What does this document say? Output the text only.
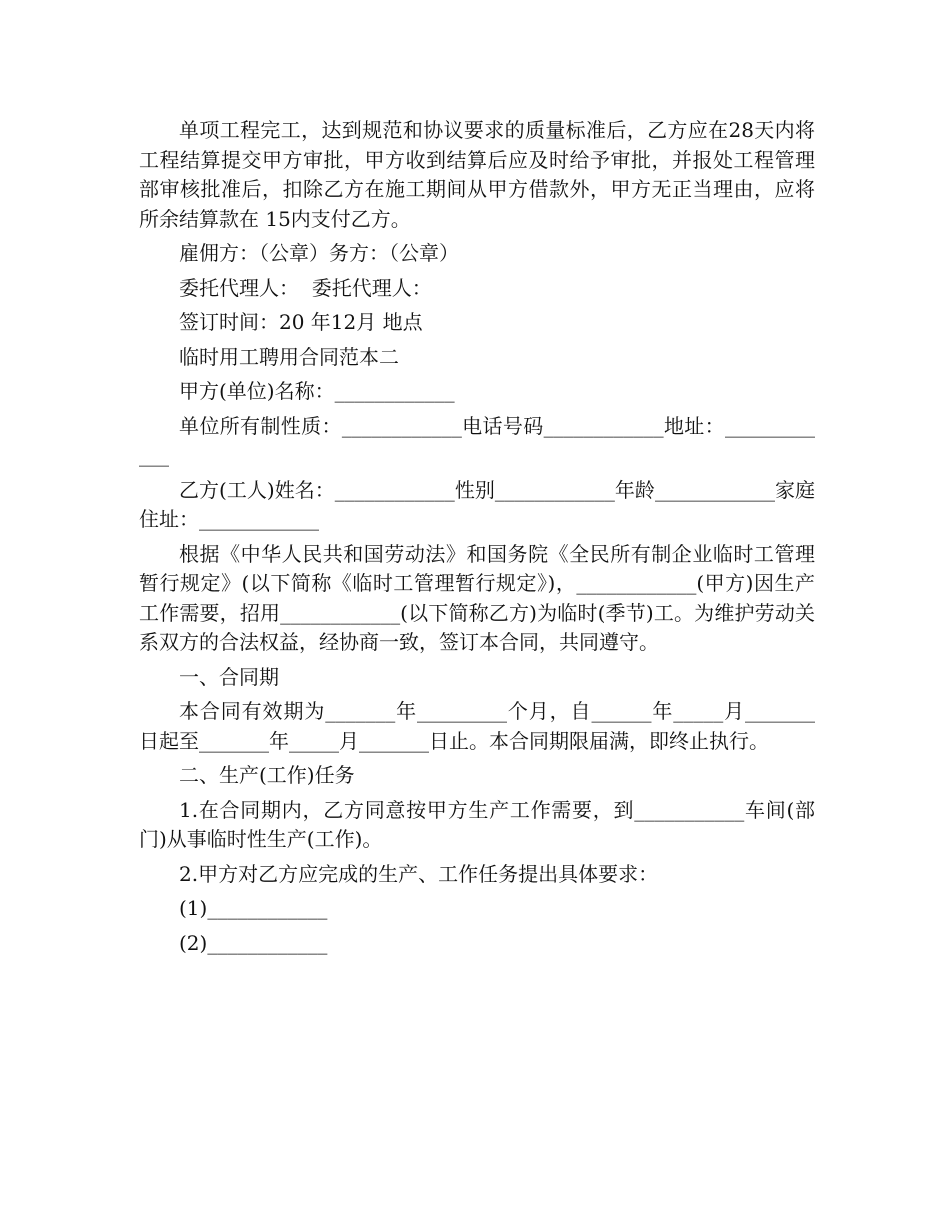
单项工程完工，达到规范和协议要求的质量标准后，乙方应在28天内将工程结算提交甲方审批，甲方收到结算后应及时给予审批，并报处工程管理部审核批准后，扣除乙方在施工期间从甲方借款外，甲方无正当理由，应将所余结算款在 15内支付乙方。

雇佣方：（公章）务方：（公章）

委托代理人：  委托代理人：

签订时间：20 年12月 地点

临时用工聘用合同范本二

甲方(单位)名称：____________

单位所有制性质：____________电话号码____________地址：____________

乙方(工人)姓名：____________性别____________年龄____________家庭住址：____________

根据《中华人民共和国劳动法》和国务院《全民所有制企业临时工管理暂行规定》(以下简称《临时工管理暂行规定》)，____________(甲方)因生产工作需要，招用____________(以下简称乙方)为临时(季节)工。为维护劳动关系双方的合法权益，经协商一致，签订本合同，共同遵守。

一、合同期

本合同有效期为_______年_________个月，自______年_____月_______日起至_______年_____月_______日止。本合同期限届满，即终止执行。

二、生产(工作)任务

1.在合同期内，乙方同意按甲方生产工作需要，到___________车间(部门)从事临时性生产(工作)。

2.甲方对乙方应完成的生产、工作任务提出具体要求：

(1)____________

(2)____________
